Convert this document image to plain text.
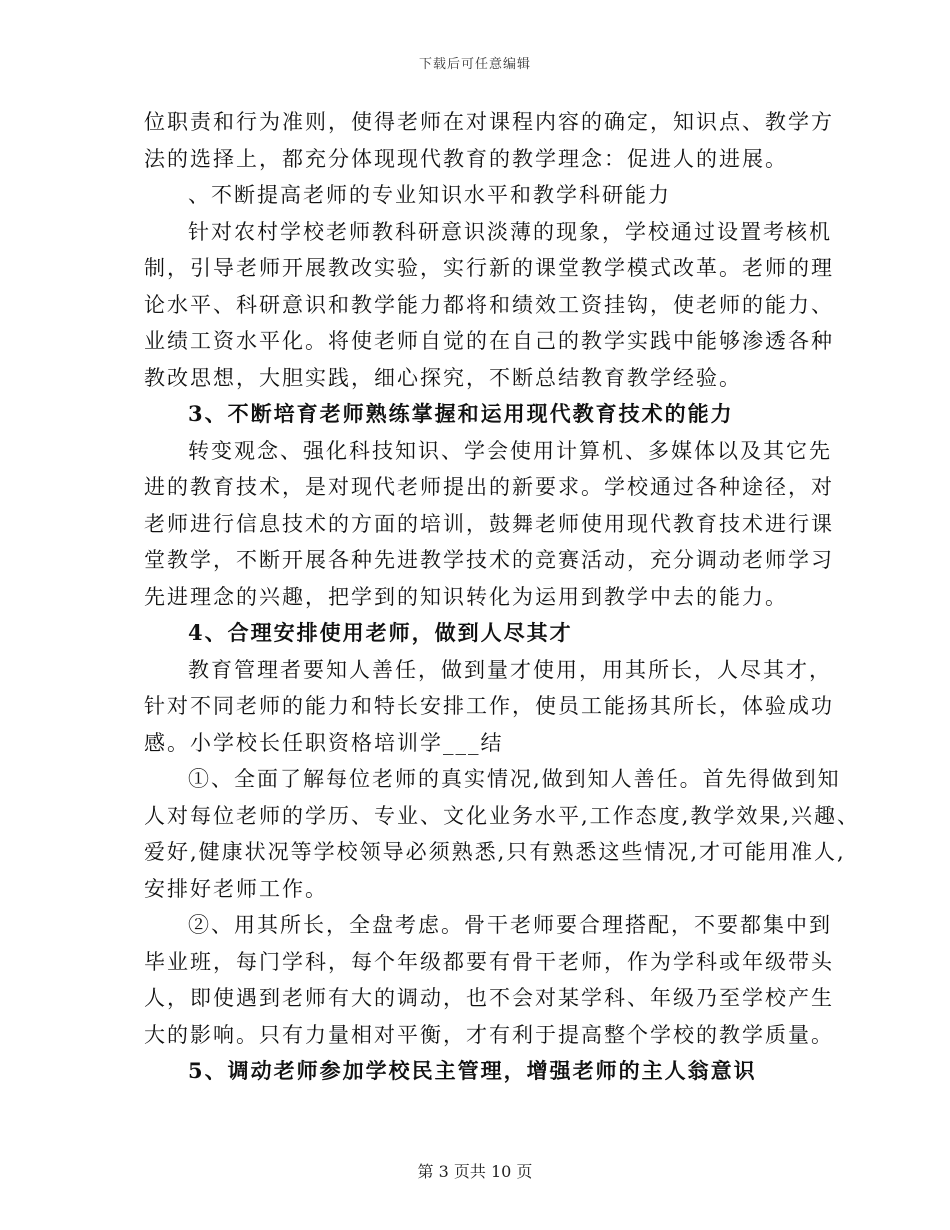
下载后可任意编辑
位职责和行为准则，使得老师在对课程内容的确定，知识点、教学方
法的选择上，都充分体现现代教育的教学理念：促进人的进展。
、不断提高老师的专业知识水平和教学科研能力
针对农村学校老师教科研意识淡薄的现象，学校通过设置考核机
制，引导老师开展教改实验，实行新的课堂教学模式改革。老师的理
论水平、科研意识和教学能力都将和绩效工资挂钩，使老师的能力、
业绩工资水平化。将使老师自觉的在自己的教学实践中能够渗透各种
教改思想，大胆实践，细心探究，不断总结教育教学经验。
3、不断培育老师熟练掌握和运用现代教育技术的能力
转变观念、强化科技知识、学会使用计算机、多媒体以及其它先
进的教育技术，是对现代老师提出的新要求。学校通过各种途径，对
老师进行信息技术的方面的培训，鼓舞老师使用现代教育技术进行课
堂教学，不断开展各种先进教学技术的竞赛活动，充分调动老师学习
先进理念的兴趣，把学到的知识转化为运用到教学中去的能力。
4、合理安排使用老师，做到人尽其才
教育管理者要知人善任，做到量才使用，用其所长，人尽其才，
针对不同老师的能力和特长安排工作，使员工能扬其所长，体验成功
感。小学校长任职资格培训学___结
①、全面了解每位老师的真实情况,做到知人善任。首先得做到知
人对每位老师的学历、专业、文化业务水平,工作态度,教学效果,兴趣、
爱好,健康状况等学校领导必须熟悉,只有熟悉这些情况,才可能用准人,
安排好老师工作。
②、用其所长，全盘考虑。骨干老师要合理搭配，不要都集中到
毕业班，每门学科，每个年级都要有骨干老师，作为学科或年级带头
人，即使遇到老师有大的调动，也不会对某学科、年级乃至学校产生
大的影响。只有力量相对平衡，才有利于提高整个学校的教学质量。
5、调动老师参加学校民主管理，增强老师的主人翁意识
第 3 页共 10 页
